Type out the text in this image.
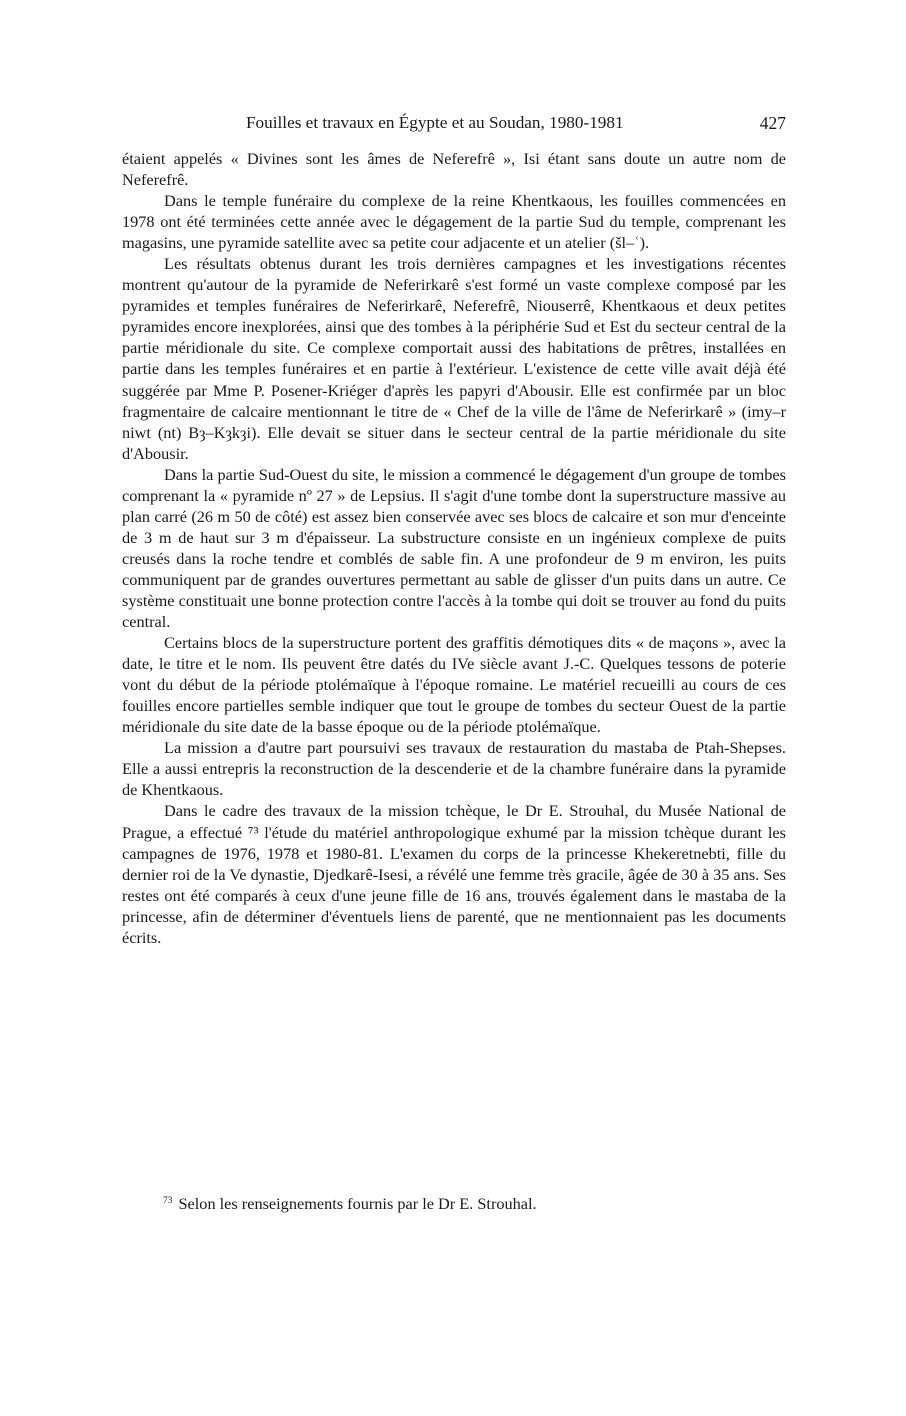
Fouilles et travaux en Égypte et au Soudan, 1980-1981	427

étaient appelés « Divines sont les âmes de Neferefrê », Isi étant sans doute un autre nom de Neferefrê.

Dans le temple funéraire du complexe de la reine Khentkaous, les fouilles commencées en 1978 ont été terminées cette année avec le dégagement de la partie Sud du temple, comprenant les magasins, une pyramide satellite avec sa petite cour adjacente et un atelier (šl–ʿ).

Les résultats obtenus durant les trois dernières campagnes et les investigations récentes montrent qu'autour de la pyramide de Neferirkarê s'est formé un vaste complexe composé par les pyramides et temples funéraires de Neferirkarê, Neferefrê, Niouserrê, Khentkaous et deux petites pyramides encore inexplorées, ainsi que des tombes à la périphérie Sud et Est du secteur central de la partie méridionale du site. Ce complexe comportait aussi des habitations de prêtres, installées en partie dans les temples funéraires et en partie à l'extérieur. L'existence de cette ville avait déjà été suggérée par Mme P. Posener-Kriéger d'après les papyri d'Abousir. Elle est confirmée par un bloc fragmentaire de calcaire mentionnant le titre de « Chef de la ville de l'âme de Neferirkarê » (imy–r niwt (nt) Bȝ–Kȝkȝi). Elle devait se situer dans le secteur central de la partie méridionale du site d'Abousir.

Dans la partie Sud-Ouest du site, le mission a commencé le dégagement d'un groupe de tombes comprenant la « pyramide nº 27 » de Lepsius. Il s'agit d'une tombe dont la superstructure massive au plan carré (26 m 50 de côté) est assez bien conservée avec ses blocs de calcaire et son mur d'enceinte de 3 m de haut sur 3 m d'épaisseur. La substructure consiste en un ingénieux complexe de puits creusés dans la roche tendre et comblés de sable fin. A une profondeur de 9 m environ, les puits communiquent par de grandes ouvertures permettant au sable de glisser d'un puits dans un autre. Ce système constituait une bonne protection contre l'accès à la tombe qui doit se trouver au fond du puits central.

Certains blocs de la superstructure portent des graffitis démotiques dits « de maçons », avec la date, le titre et le nom. Ils peuvent être datés du IVe siècle avant J.-C. Quelques tessons de poterie vont du début de la période ptolémaïque à l'époque romaine. Le matériel recueilli au cours de ces fouilles encore partielles semble indiquer que tout le groupe de tombes du secteur Ouest de la partie méridionale du site date de la basse époque ou de la période ptolémaïque.

La mission a d'autre part poursuivi ses travaux de restauration du mastaba de Ptah-Shepses. Elle a aussi entrepris la reconstruction de la descenderie et de la chambre funéraire dans la pyramide de Khentkaous.

Dans le cadre des travaux de la mission tchèque, le Dr E. Strouhal, du Musée National de Prague, a effectué ⁷³ l'étude du matériel anthropologique exhumé par la mission tchèque durant les campagnes de 1976, 1978 et 1980-81. L'examen du corps de la princesse Khekeretnebti, fille du dernier roi de la Ve dynastie, Djedkarê-Isesi, a révélé une femme très gracile, âgée de 30 à 35 ans. Ses restes ont été comparés à ceux d'une jeune fille de 16 ans, trouvés également dans le mastaba de la princesse, afin de déterminer d'éventuels liens de parenté, que ne mentionnaient pas les documents écrits.

$^{73}$ Selon les renseignements fournis par le Dr E. Strouhal.
